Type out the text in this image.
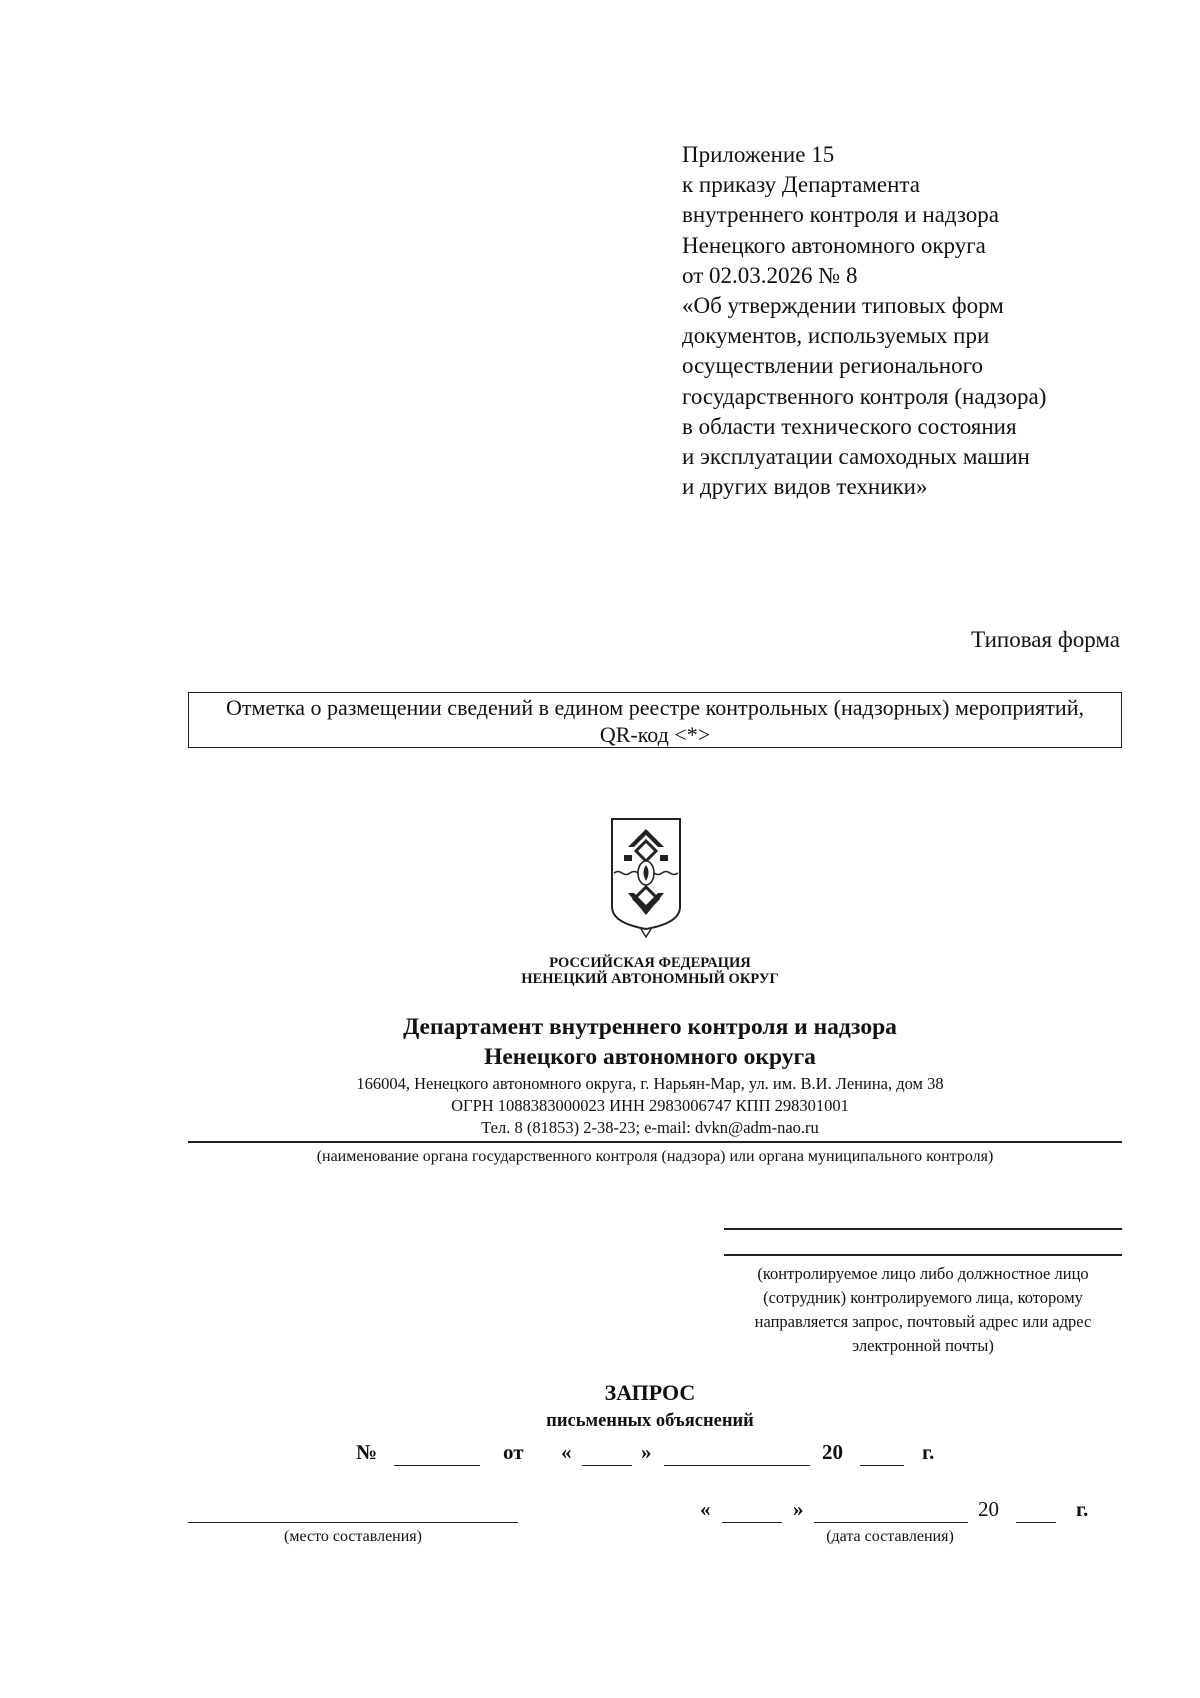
Приложение 15
к приказу Департамента
внутреннего контроля и надзора
Ненецкого автономного округа
от 02.03.2026 № 8
«Об утверждении типовых форм
документов, используемых при
осуществлении регионального
государственного контроля (надзора)
в области технического состояния
и эксплуатации самоходных машин
и других видов техники»
Типовая форма
Отметка о размещении сведений в едином реестре контрольных (надзорных) мероприятий,
QR-код <*>
РОССИЙСКАЯ ФЕДЕРАЦИЯ
НЕНЕЦКИЙ АВТОНОМНЫЙ ОКРУГ
Департамент внутреннего контроля и надзора
Ненецкого автономного округа
166004, Ненецкого автономного округа, г. Нарьян-Мар, ул. им. В.И. Ленина, дом 38
ОГРН 1088383000023 ИНН 2983006747 КПП 298301001
Тел. 8 (81853) 2-38-23; e-mail: dvkn@adm-nao.ru
(наименование органа государственного контроля (надзора) или органа муниципального контроля)
(контролируемое лицо либо должностное лицо
(сотрудник) контролируемого лица, которому
направляется запрос, почтовый адрес или адрес
электронной почты)
ЗАПРОС
письменных объяснений
№	от «	»	20	г.
(место составления)
«	»	20	г.
(дата составления)
